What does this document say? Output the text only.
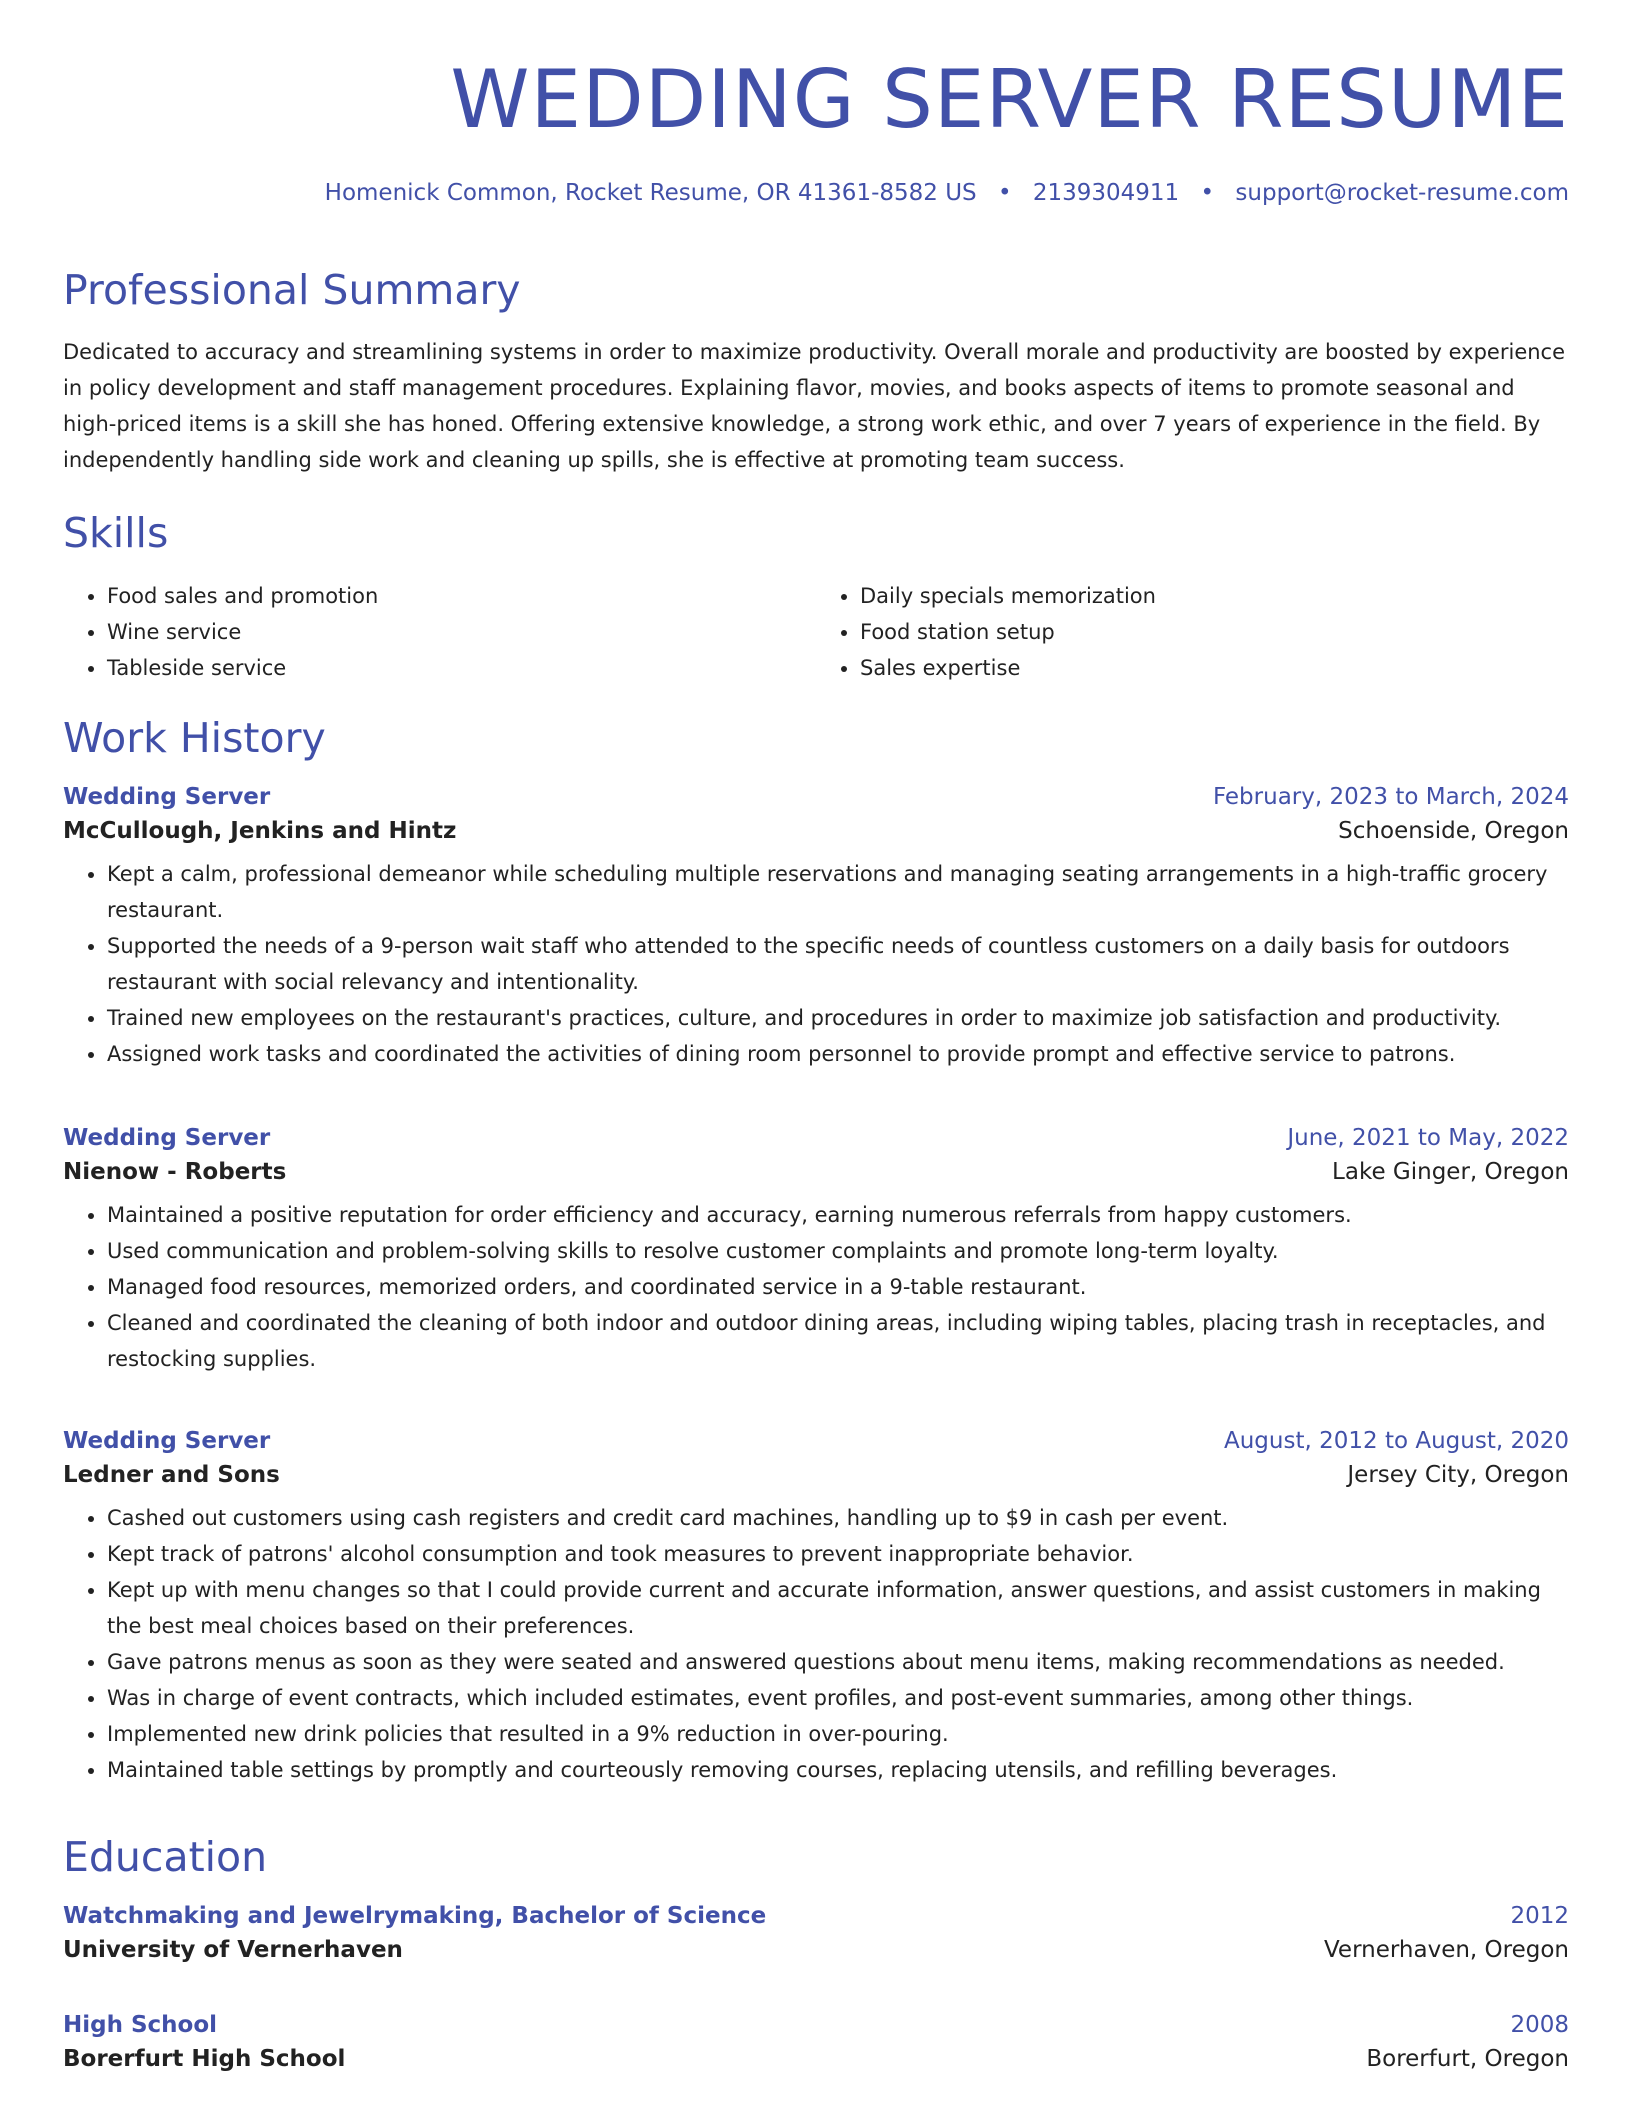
WEDDING SERVER RESUME
Homenick Common, Rocket Resume, OR 41361-8582 US • 2139304911 • support@rocket-resume.com
Professional Summary

Dedicated to accuracy and streamlining systems in order to maximize productivity. Overall morale and productivity are boosted by experience in policy development and staff management procedures. Explaining flavor, movies, and books aspects of items to promote seasonal and high-priced items is a skill she has honed. Offering extensive knowledge, a strong work ethic, and over 7 years of experience in the field. By independently handling side work and cleaning up spills, she is effective at promoting team success.

Skills
• Food sales and promotion
• Wine service
• Tableside service
• Daily specials memorization
• Food station setup
• Sales expertise
Work History
Wedding Server	February, 2023 to March, 2024
McCullough, Jenkins and Hintz	Schoenside, Oregon
• Kept a calm, professional demeanor while scheduling multiple reservations and managing seating arrangements in a high-traffic grocery restaurant.
• Supported the needs of a 9-person wait staff who attended to the specific needs of countless customers on a daily basis for outdoors restaurant with social relevancy and intentionality.
• Trained new employees on the restaurant's practices, culture, and procedures in order to maximize job satisfaction and productivity.
• Assigned work tasks and coordinated the activities of dining room personnel to provide prompt and effective service to patrons.
Wedding Server	June, 2021 to May, 2022
Nienow - Roberts	Lake Ginger, Oregon
• Maintained a positive reputation for order efficiency and accuracy, earning numerous referrals from happy customers.
• Used communication and problem-solving skills to resolve customer complaints and promote long-term loyalty.
• Managed food resources, memorized orders, and coordinated service in a 9-table restaurant.
• Cleaned and coordinated the cleaning of both indoor and outdoor dining areas, including wiping tables, placing trash in receptacles, and restocking supplies.
Wedding Server	August, 2012 to August, 2020
Ledner and Sons	Jersey City, Oregon
• Cashed out customers using cash registers and credit card machines, handling up to $9 in cash per event.
• Kept track of patrons' alcohol consumption and took measures to prevent inappropriate behavior.
• Kept up with menu changes so that I could provide current and accurate information, answer questions, and assist customers in making the best meal choices based on their preferences.
• Gave patrons menus as soon as they were seated and answered questions about menu items, making recommendations as needed.
• Was in charge of event contracts, which included estimates, event profiles, and post-event summaries, among other things.
• Implemented new drink policies that resulted in a 9% reduction in over-pouring.
• Maintained table settings by promptly and courteously removing courses, replacing utensils, and refilling beverages.
Education
Watchmaking and Jewelrymaking, Bachelor of Science	2012
University of Vernerhaven	Vernerhaven, Oregon
High School	2008
Borerfurt High School	Borerfurt, Oregon
